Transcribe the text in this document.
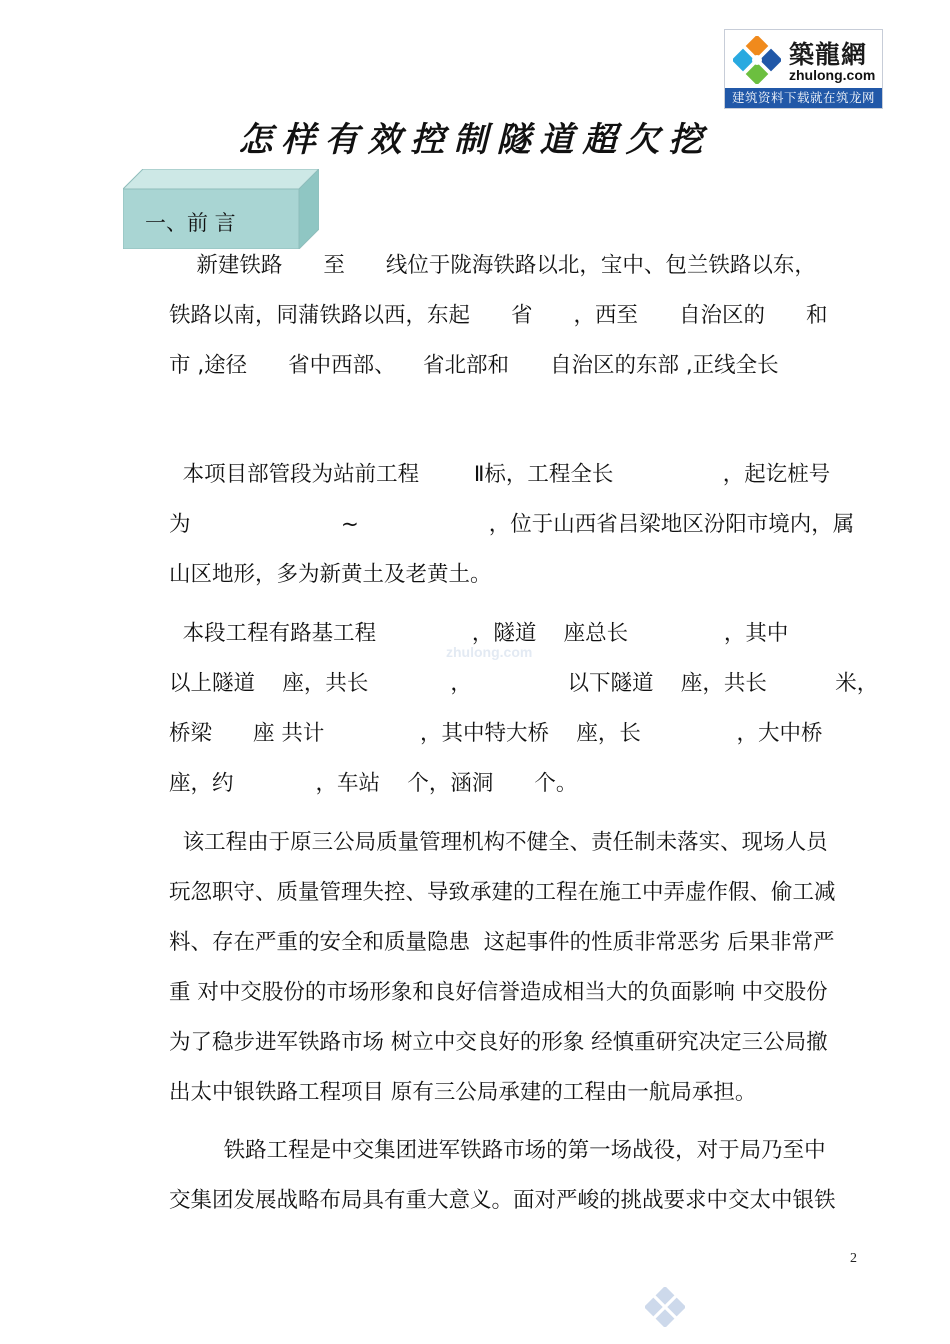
築龍網
zhulong.com
建筑资料下载就在筑龙网
怎样有效控制隧道超欠挖
一、前 言
新建铁路      至      线位于陇海铁路以北，宝中、包兰铁路以东，
铁路以南，同蒲铁路以西，东起      省      ，西至      自治区的      和
市 ,途径      省中西部、    省北部和      自治区的东部 ,正线全长
本项目部管段为站前工程        Ⅱ标，工程全长                ，起讫桩号
为                      ~                   ，位于山西省吕梁地区汾阳市境内，属
山区地形，多为新黄土及老黄土。
本段工程有路基工程              ，隧道    座总长              ，其中
以上隧道    座，共长            ，              以下隧道    座，共长          米，
桥梁      座 共计              ，其中特大桥    座，长              ，大中桥
座，约            ，车站    个，涵洞      个。
该工程由于原三公局质量管理机构不健全、责任制未落实、现场人员
玩忽职守、质量管理失控、导致承建的工程在施工中弄虚作假、偷工减
料、存在严重的安全和质量隐患  这起事件的性质非常恶劣 后果非常严
重 对中交股份的市场形象和良好信誉造成相当大的负面影响 中交股份
为了稳步进军铁路市场 树立中交良好的形象 经慎重研究决定三公局撤
出太中银铁路工程项目 原有三公局承建的工程由一航局承担。
铁路工程是中交集团进军铁路市场的第一场战役，对于局乃至中
交集团发展战略布局具有重大意义。面对严峻的挑战要求中交太中银铁
zhulong.com
2
